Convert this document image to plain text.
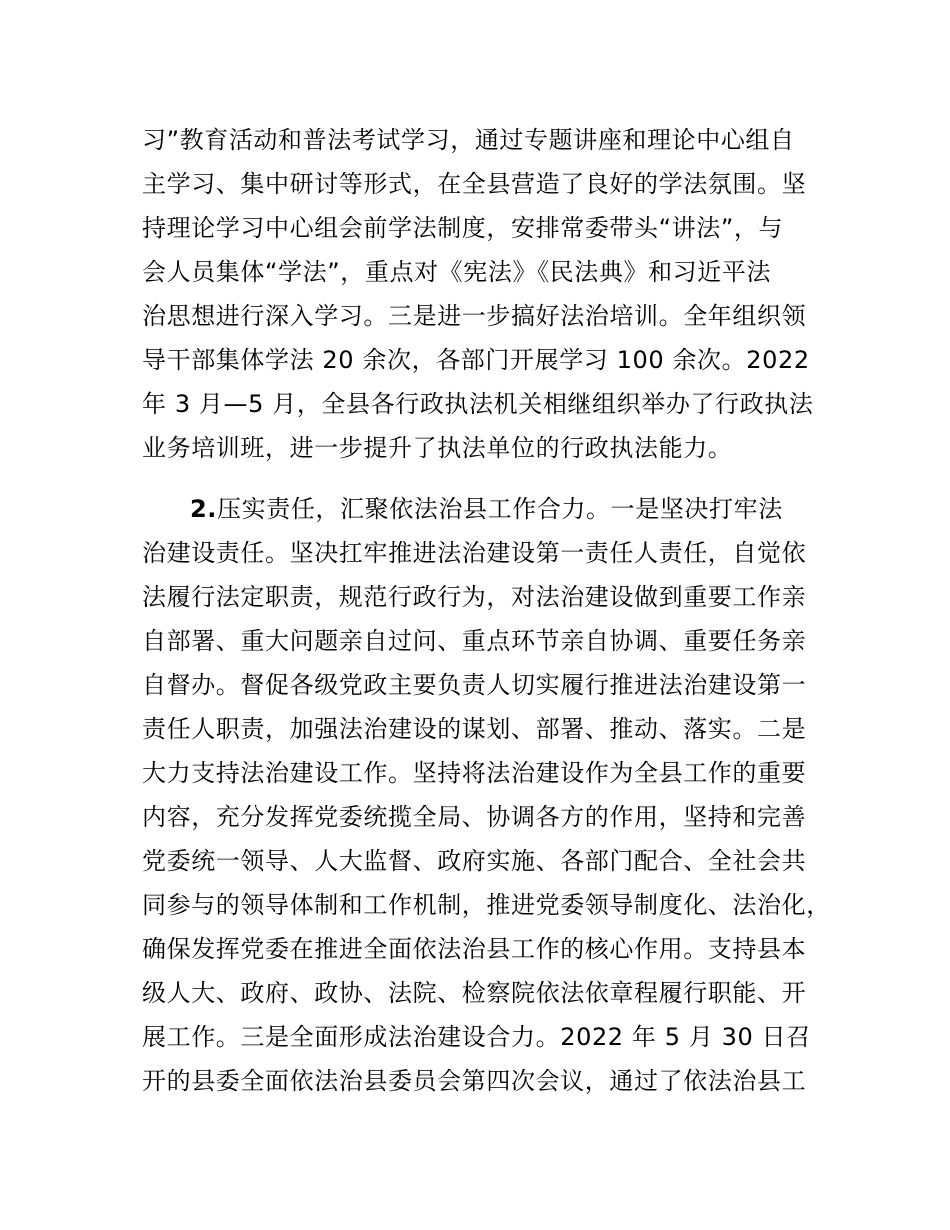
习”教育活动和普法考试学习，通过专题讲座和理论中心组自
主学习、集中研讨等形式，在全县营造了良好的学法氛围。坚
持理论学习中心组会前学法制度，安排常委带头“讲法”，与
会人员集体“学法”，重点对《宪法》《民法典》和习近平法
治思想进行深入学习。三是进一步搞好法治培训。全年组织领
导干部集体学法 20 余次，各部门开展学习 100 余次。2022
年 3 月—5 月，全县各行政执法机关相继组织举办了行政执法
业务培训班，进一步提升了执法单位的行政执法能力。
2.压实责任，汇聚依法治县工作合力。一是坚决打牢法
治建设责任。坚决扛牢推进法治建设第一责任人责任，自觉依
法履行法定职责，规范行政行为，对法治建设做到重要工作亲
自部署、重大问题亲自过问、重点环节亲自协调、重要任务亲
自督办。督促各级党政主要负责人切实履行推进法治建设第一
责任人职责，加强法治建设的谋划、部署、推动、落实。二是
大力支持法治建设工作。坚持将法治建设作为全县工作的重要
内容，充分发挥党委统揽全局、协调各方的作用，坚持和完善
党委统一领导、人大监督、政府实施、各部门配合、全社会共
同参与的领导体制和工作机制，推进党委领导制度化、法治化，
确保发挥党委在推进全面依法治县工作的核心作用。支持县本
级人大、政府、政协、法院、检察院依法依章程履行职能、开
展工作。三是全面形成法治建设合力。2022 年 5 月 30 日召
开的县委全面依法治县委员会第四次会议，通过了依法治县工
